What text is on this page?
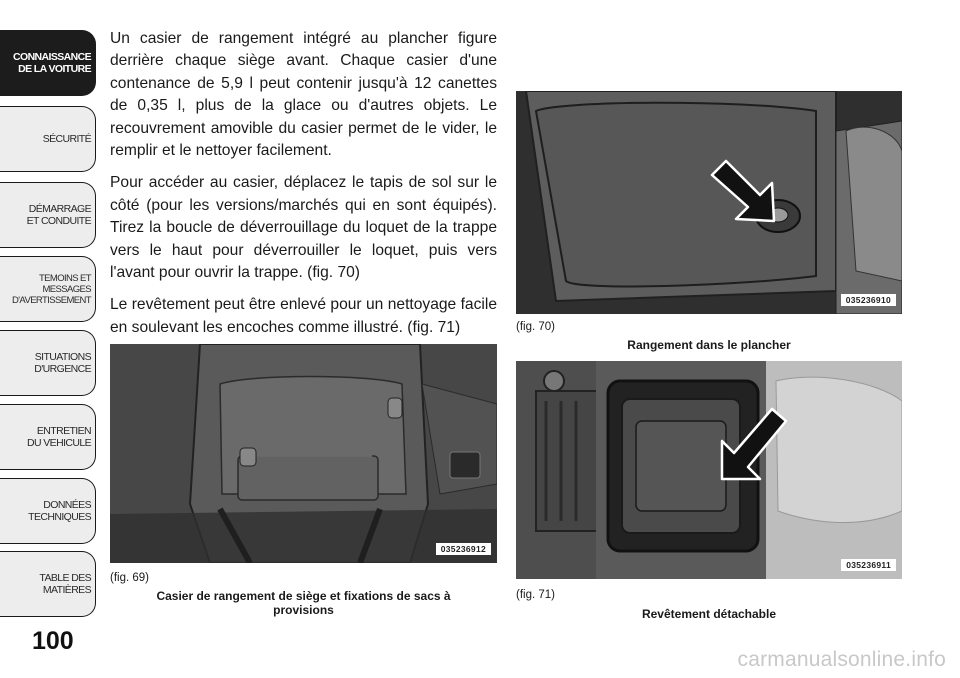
CONNAISSANCE
DE LA VOITURE
SÉCURITÉ
DÉMARRAGE
ET CONDUITE
TEMOINS ET
MESSAGES
D'AVERTISSEMENT
SITUATIONS
D'URGENCE
ENTRETIEN
DU VEHICULE
DONNÉES
TECHNIQUES
TABLE DES
MATIÈRES
100

Un casier de rangement intégré au plancher figure derrière chaque siège avant. Chaque casier d'une contenance de 5,9 l peut contenir jusqu'à 12 canettes de 0,35 l, plus de la glace ou d'autres objets. Le recouvrement amovible du casier permet de le vider, le remplir et le nettoyer facilement.

Pour accéder au casier, déplacez le tapis de sol sur le côté (pour les versions/marchés qui en sont équipés). Tirez la boucle de déverrouillage du loquet de la trappe vers le haut pour déverrouiller le loquet, puis vers l'avant pour ouvrir la trappe. (fig. 70)

Le revêtement peut être enlevé pour un nettoyage facile en soulevant les encoches comme illustré. (fig. 71)

035236912
(fig. 69)
Casier de rangement de siège et fixations de sacs à
provisions
035236910
(fig. 70)
Rangement dans le plancher
035236911
(fig. 71)
Revêtement détachable
carmanualsonline.info
